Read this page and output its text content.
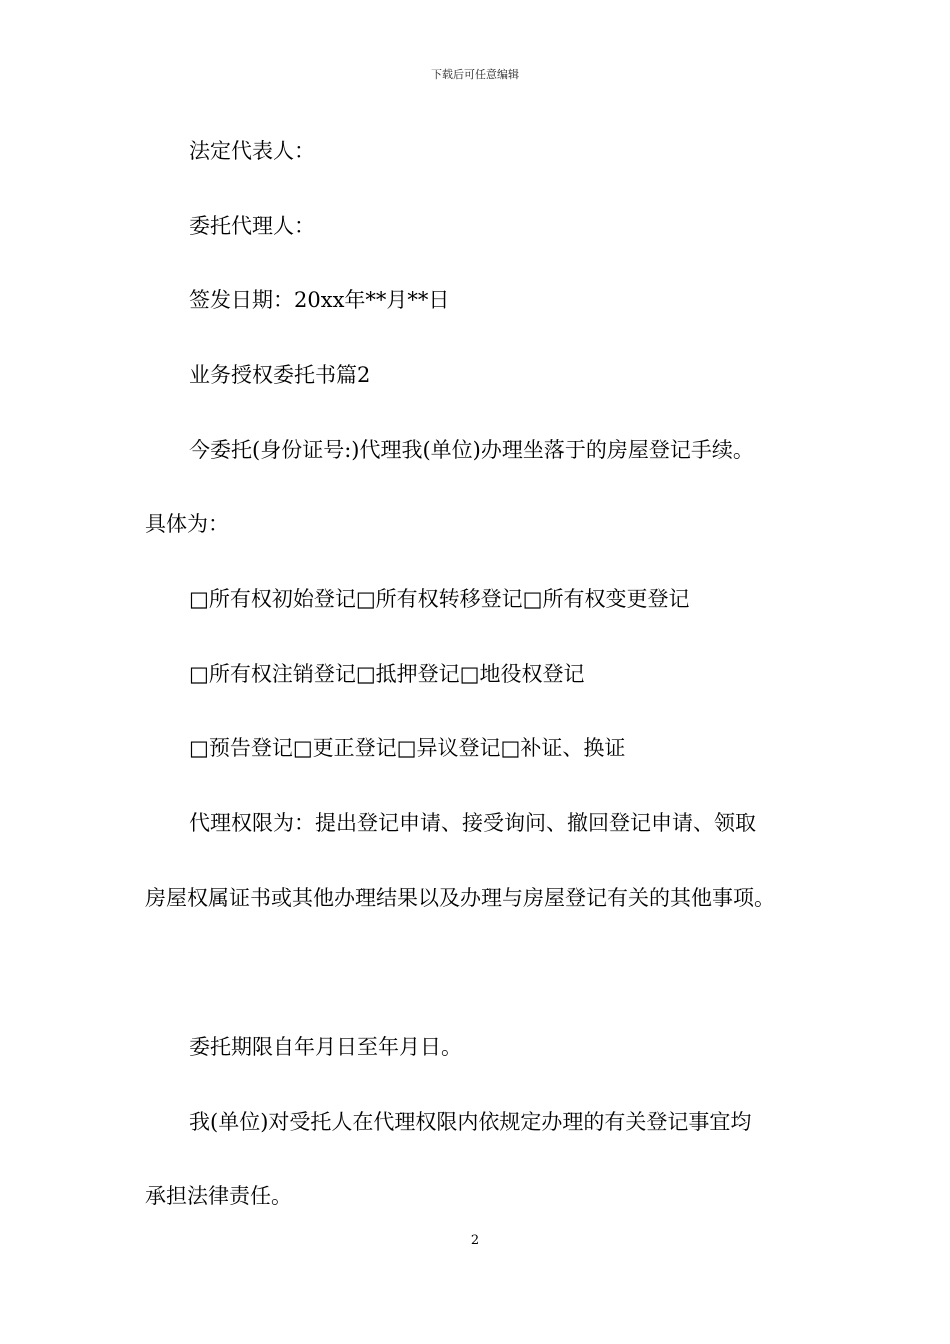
下载后可任意编辑
法定代表人：
委托代理人：
签发日期：20xx年**月**日
业务授权委托书篇2
今委托(身份证号:)代理我(单位)办理坐落于的房屋登记手续。
具体为：
□所有权初始登记□所有权转移登记□所有权变更登记
□所有权注销登记□抵押登记□地役权登记
□预告登记□更正登记□异议登记□补证、换证
代理权限为：提出登记申请、接受询问、撤回登记申请、领取
房屋权属证书或其他办理结果以及办理与房屋登记有关的其他事项。
委托期限自年月日至年月日。
我(单位)对受托人在代理权限内依规定办理的有关登记事宜均
承担法律责任。
2
